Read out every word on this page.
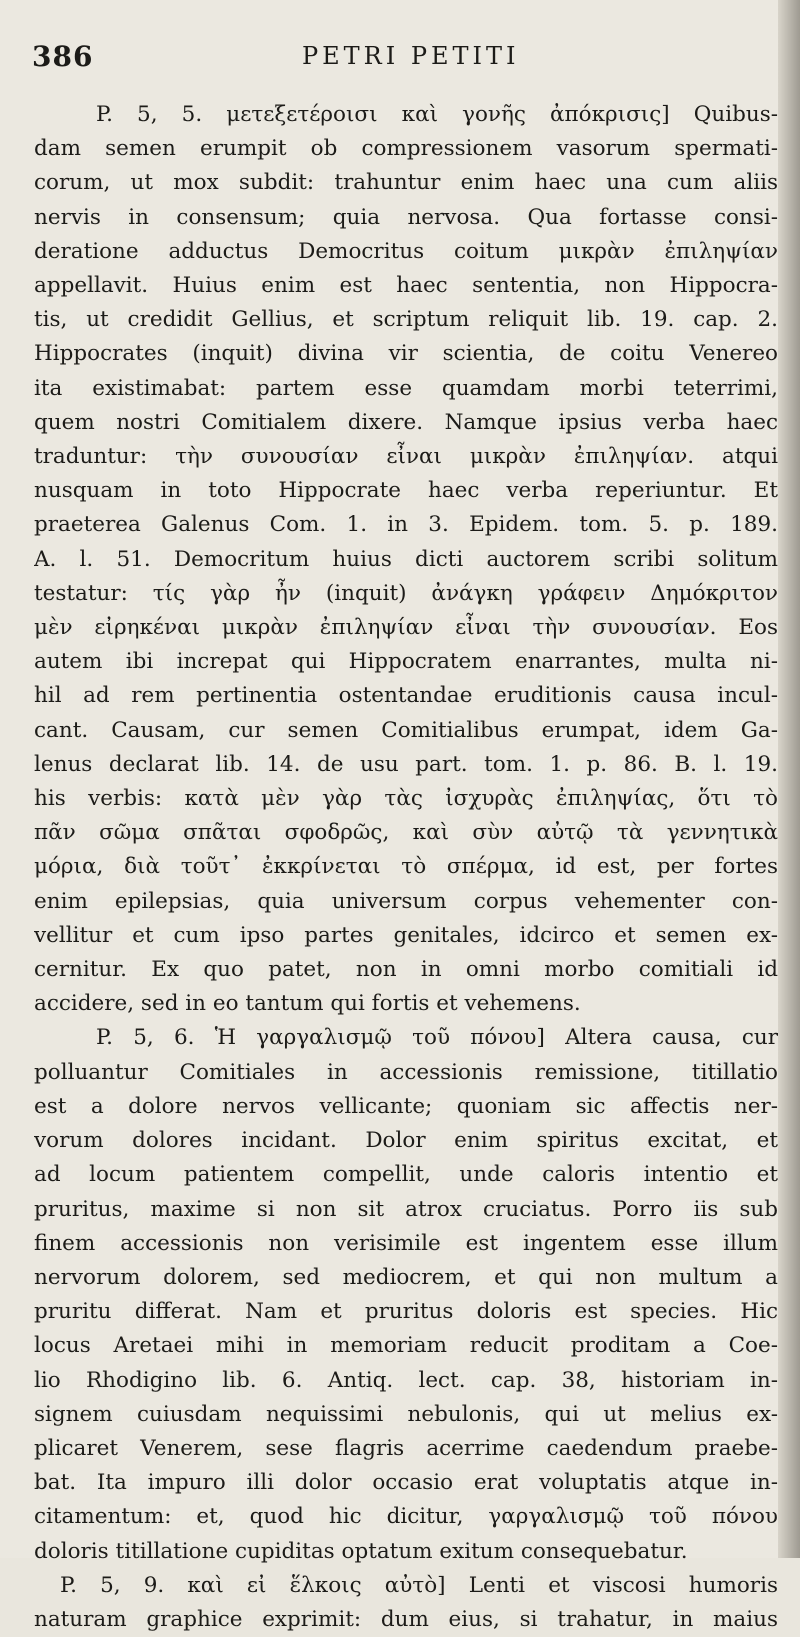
386	PETRI PETITI
P. 5, 5. μετεξετέροισι καὶ γονῆς ἀπόκρισις] Quibus-
dam semen erumpit ob compressionem vasorum spermati-
corum, ut mox subdit: trahuntur enim haec una cum aliis
nervis in consensum; quia nervosa. Qua fortasse consi-
deratione adductus Democritus coitum μικρὰν ἐπιληψίαν
appellavit. Huius enim est haec sententia, non Hippocra-
tis, ut credidit Gellius, et scriptum reliquit lib. 19. cap. 2.
Hippocrates (inquit) divina vir scientia, de coitu Venereo
ita existimabat: partem esse quamdam morbi teterrimi,
quem nostri Comitialem dixere. Namque ipsius verba haec
traduntur: τὴν συνουσίαν εἶναι μικρὰν ἐπιληψίαν. atqui
nusquam in toto Hippocrate haec verba reperiuntur. Et
praeterea Galenus Com. 1. in 3. Epidem. tom. 5. p. 189.
A. l. 51. Democritum huius dicti auctorem scribi solitum
testatur: τίς γὰρ ἦν (inquit) ἀνάγκη γράφειν Δημόκριτον
μὲν εἰρηκέναι μικρὰν ἐπιληψίαν εἶναι τὴν συνουσίαν. Eos
autem ibi increpat qui Hippocratem enarrantes, multa ni-
hil ad rem pertinentia ostentandae eruditionis causa incul-
cant. Causam, cur semen Comitialibus erumpat, idem Ga-
lenus declarat lib. 14. de usu part. tom. 1. p. 86. B. l. 19.
his verbis: κατὰ μὲν γὰρ τὰς ἰσχυρὰς ἐπιληψίας, ὅτι τὸ
πᾶν σῶμα σπᾶται σφοδρῶς, καὶ σὺν αὐτῷ τὰ γεννητικὰ
μόρια, διὰ τοῦτ᾽ ἐκκρίνεται τὸ σπέρμα, id est, per fortes
enim epilepsias, quia universum corpus vehementer con-
vellitur et cum ipso partes genitales, idcirco et semen ex-
cernitur. Ex quo patet, non in omni morbo comitiali id
accidere, sed in eo tantum qui fortis et vehemens.
P. 5, 6. Ἡ γαργαλισμῷ τοῦ πόνου] Altera causa, cur
polluantur Comitiales in accessionis remissione, titillatio
est a dolore nervos vellicante; quoniam sic affectis ner-
vorum dolores incidant. Dolor enim spiritus excitat, et
ad locum patientem compellit, unde caloris intentio et
pruritus, maxime si non sit atrox cruciatus. Porro iis sub
finem accessionis non verisimile est ingentem esse illum
nervorum dolorem, sed mediocrem, et qui non multum a
pruritu differat. Nam et pruritus doloris est species. Hic
locus Aretaei mihi in memoriam reducit proditam a Coe-
lio Rhodigino lib. 6. Antiq. lect. cap. 38, historiam in-
signem cuiusdam nequissimi nebulonis, qui ut melius ex-
plicaret Venerem, sese flagris acerrime caedendum praebe-
bat. Ita impuro illi dolor occasio erat voluptatis atque in-
citamentum: et, quod hic dicitur, γαργαλισμῷ τοῦ πόνου
doloris titillatione cupiditas optatum exitum consequebatur.
P. 5, 9. καὶ εἰ ἕλκοις αὐτὸ] Lenti et viscosi humoris
naturam graphice exprimit: dum eius, si trahatur, in maius
